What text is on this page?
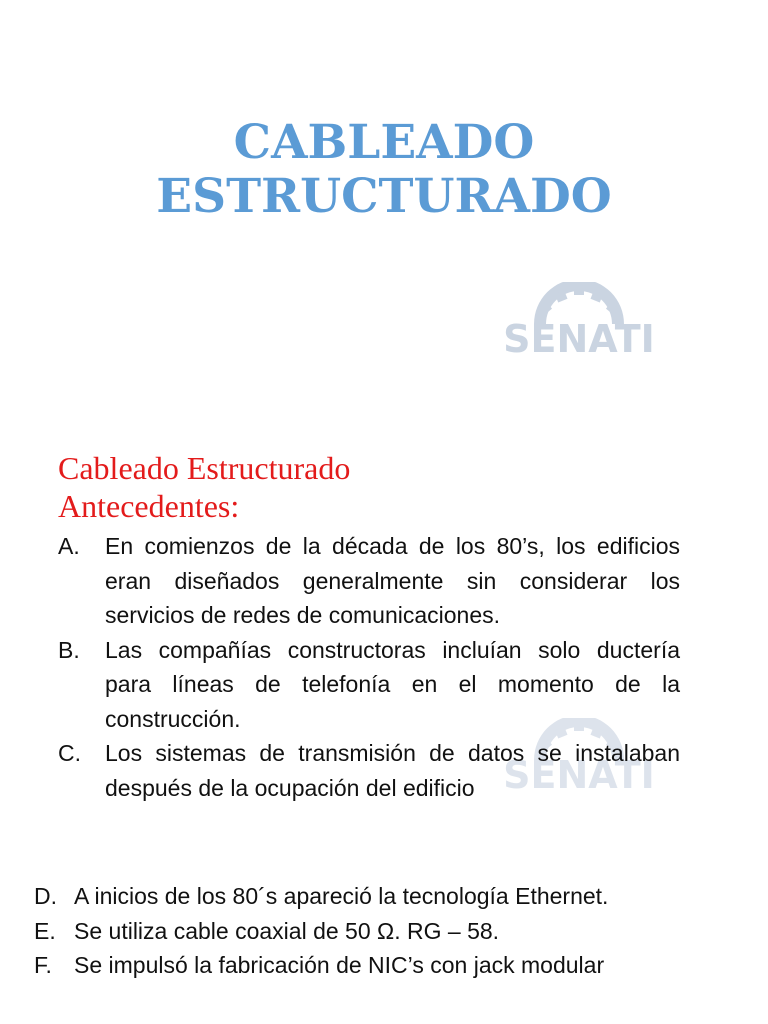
CABLEADO
ESTRUCTURADO
SENATI
SENATI
Cableado Estructurado
Antecedentes:
A.	En comienzos de la década de los 80’s, los edificios eran diseñados generalmente sin considerar los servicios de redes de comunicaciones.
B.	Las compañías constructoras incluían solo ductería para líneas de telefonía en el momento de la construcción.
C.	Los sistemas de transmisión de datos se instalaban después de la ocupación del edificio
D. A inicios de los 80´s apareció la tecnología Ethernet.
E. Se utiliza cable coaxial de 50 Ω. RG – 58.
F. Se impulsó la fabricación de NIC’s con jack modular
